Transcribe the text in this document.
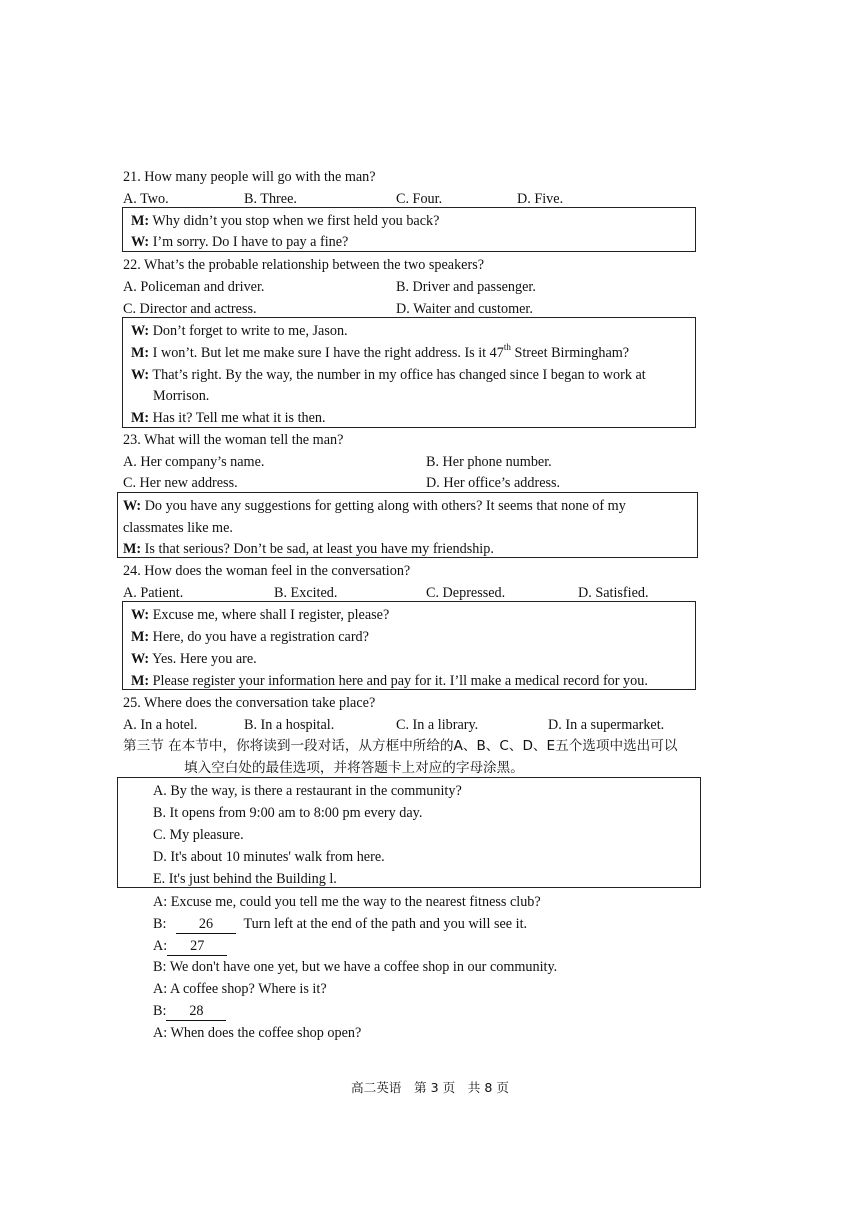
21. How many people will go with the man?
A. Two.	B. Three.	C. Four.	D. Five.
M: Why didn’t you stop when we first held you back?
W: I’m sorry. Do I have to pay a fine?
22. What’s the probable relationship between the two speakers?
A. Policeman and driver.	B. Driver and passenger.
C. Director and actress.	D. Waiter and customer.
W: Don’t forget to write to me, Jason.
M: I won’t. But let me make sure I have the right address. Is it 47th Street Birmingham?
W: That’s right. By the way, the number in my office has changed since I began to work at
Morrison.
M: Has it? Tell me what it is then.
23. What will the woman tell the man?
A. Her company’s name.	B. Her phone number.
C. Her new address.	D. Her office’s address.
W: Do you have any suggestions for getting along with others? It seems that none of my
classmates like me.
M: Is that serious? Don’t be sad, at least you have my friendship.
24. How does the woman feel in the conversation?
A. Patient.	B. Excited.	C. Depressed.	D. Satisfied.
W: Excuse me, where shall I register, please?
M: Here, do you have a registration card?
W: Yes. Here you are.
M: Please register your information here and pay for it. I’ll make a medical record for you.
25. Where does the conversation take place?
A. In a hotel.	B. In a hospital.	C. In a library.	D. In a supermarket.
第三节 在本节中，你将读到一段对话，从方框中所给的A、B、C、D、E五个选项中选出可以
填入空白处的最佳选项，并将答题卡上对应的字母涂黑。
A. By the way, is there a restaurant in the community?
B. It opens from 9:00 am to 8:00 pm every day.
C. My pleasure.
D. It's about 10 minutes' walk from here.
E. It's just behind the Building l.
A: Excuse me, could you tell me the way to the nearest fitness club?
B: 26 Turn left at the end of the path and you will see it.
A: 27
B: We don't have one yet, but we have a coffee shop in our community.
A: A coffee shop? Where is it?
B: 28
A: When does the coffee shop open?
高二英语　第 3 页　共 8 页
